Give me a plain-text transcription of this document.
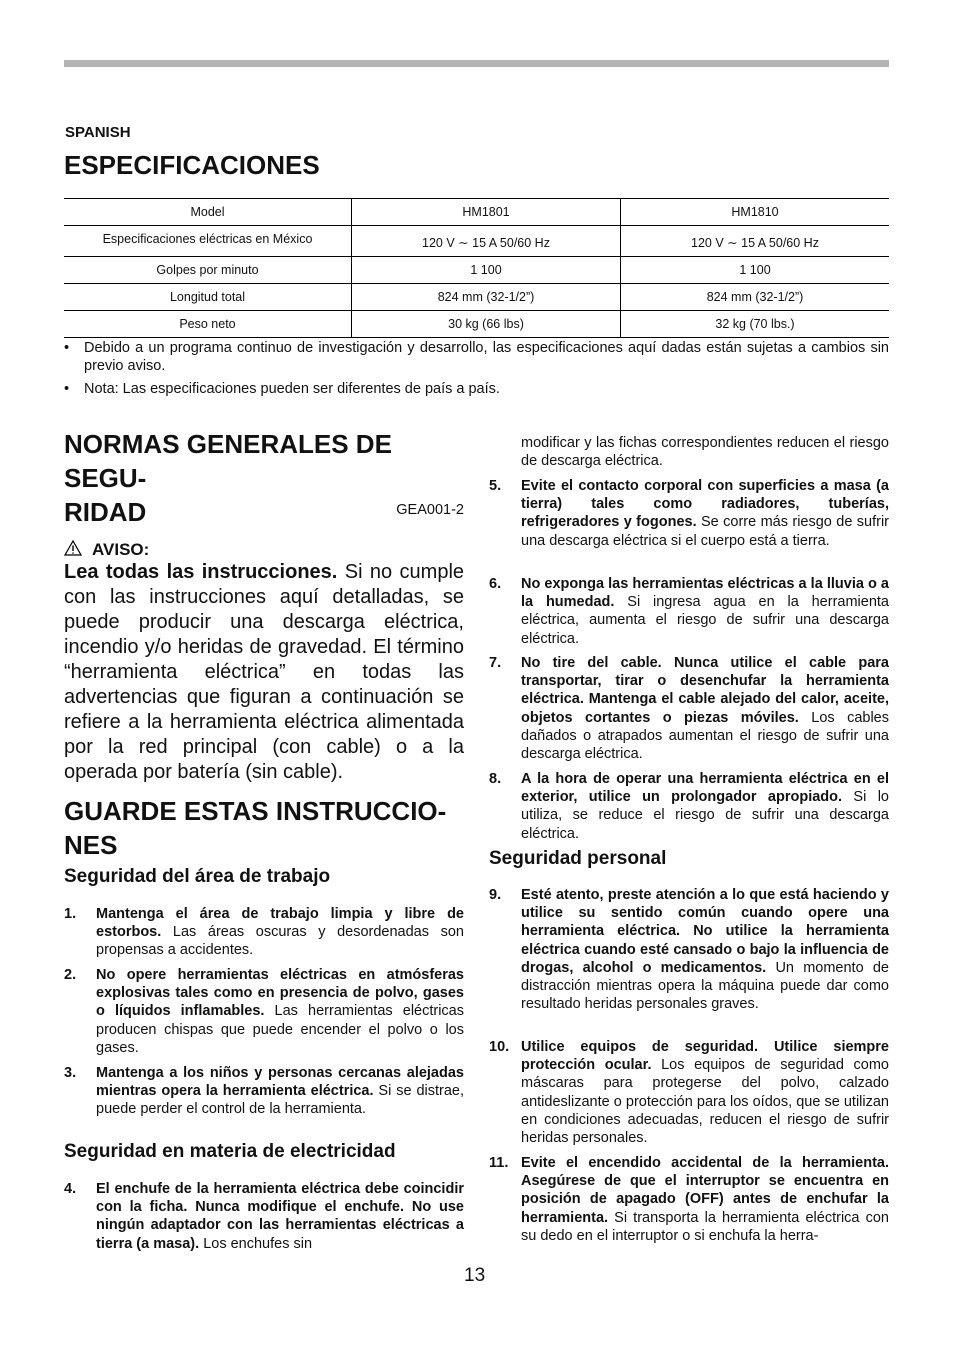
SPANISH
ESPECIFICACIONES
Model	HM1801	HM1810
Especificaciones eléctricas en México	120 V ∼ 15 A 50/60 Hz	120 V ∼ 15 A 50/60 Hz
Golpes por minuto	1 100	1 100
Longitud total	824 mm (32-1/2”)	824 mm (32-1/2”)
Peso neto	30 kg (66 lbs)	32 kg (70 lbs.)
• Debido a un programa continuo de investigación y desarrollo, las especificaciones aquí dadas están sujetas a cambios sin previo aviso.
• Nota: Las especificaciones pueden ser diferentes de país a país.
NORMAS GENERALES DE SEGU-
RIDAD	GEA001-2
AVISO:
Lea todas las instrucciones. Si no cumple con las instrucciones aquí detalladas, se puede producir una descarga eléctrica, incendio y/o heridas de gravedad. El término “herramienta eléctrica” en todas las advertencias que figuran a continuación se refiere a la herramienta eléctrica alimentada por la red principal (con cable) o a la operada por batería (sin cable).
GUARDE ESTAS INSTRUCCIO-
NES
Seguridad del área de trabajo
1. Mantenga el área de trabajo limpia y libre de estorbos. Las áreas oscuras y desordenadas son propensas a accidentes.
2. No opere herramientas eléctricas en atmósferas explosivas tales como en presencia de polvo, gases o líquidos inflamables. Las herramientas eléctricas producen chispas que puede encender el polvo o los gases.
3. Mantenga a los niños y personas cercanas alejadas mientras opera la herramienta eléctrica. Si se distrae, puede perder el control de la herramienta.
Seguridad en materia de electricidad
4. El enchufe de la herramienta eléctrica debe coincidir con la ficha. Nunca modifique el enchufe. No use ningún adaptador con las herramientas eléctricas a tierra (a masa). Los enchufes sin
modificar y las fichas correspondientes reducen el riesgo de descarga eléctrica.
5. Evite el contacto corporal con superficies a masa (a tierra) tales como radiadores, tuberías, refrigeradores y fogones. Se corre más riesgo de sufrir una descarga eléctrica si el cuerpo está a tierra.
6. No exponga las herramientas eléctricas a la lluvia o a la humedad. Si ingresa agua en la herramienta eléctrica, aumenta el riesgo de sufrir una descarga eléctrica.
7. No tire del cable. Nunca utilice el cable para transportar, tirar o desenchufar la herramienta eléctrica. Mantenga el cable alejado del calor, aceite, objetos cortantes o piezas móviles. Los cables dañados o atrapados aumentan el riesgo de sufrir una descarga eléctrica.
8. A la hora de operar una herramienta eléctrica en el exterior, utilice un prolongador apropiado. Si lo utiliza, se reduce el riesgo de sufrir una descarga eléctrica.
Seguridad personal
9. Esté atento, preste atención a lo que está haciendo y utilice su sentido común cuando opere una herramienta eléctrica. No utilice la herramienta eléctrica cuando esté cansado o bajo la influencia de drogas, alcohol o medicamentos. Un momento de distracción mientras opera la máquina puede dar como resultado heridas personales graves.
10. Utilice equipos de seguridad. Utilice siempre protección ocular. Los equipos de seguridad como máscaras para protegerse del polvo, calzado antideslizante o protección para los oídos, que se utilizan en condiciones adecuadas, reducen el riesgo de sufrir heridas personales.
11. Evite el encendido accidental de la herramienta. Asegúrese de que el interruptor se encuentra en posición de apagado (OFF) antes de enchufar la herramienta. Si transporta la herramienta eléctrica con su dedo en el interruptor o si enchufa la herra-
13
